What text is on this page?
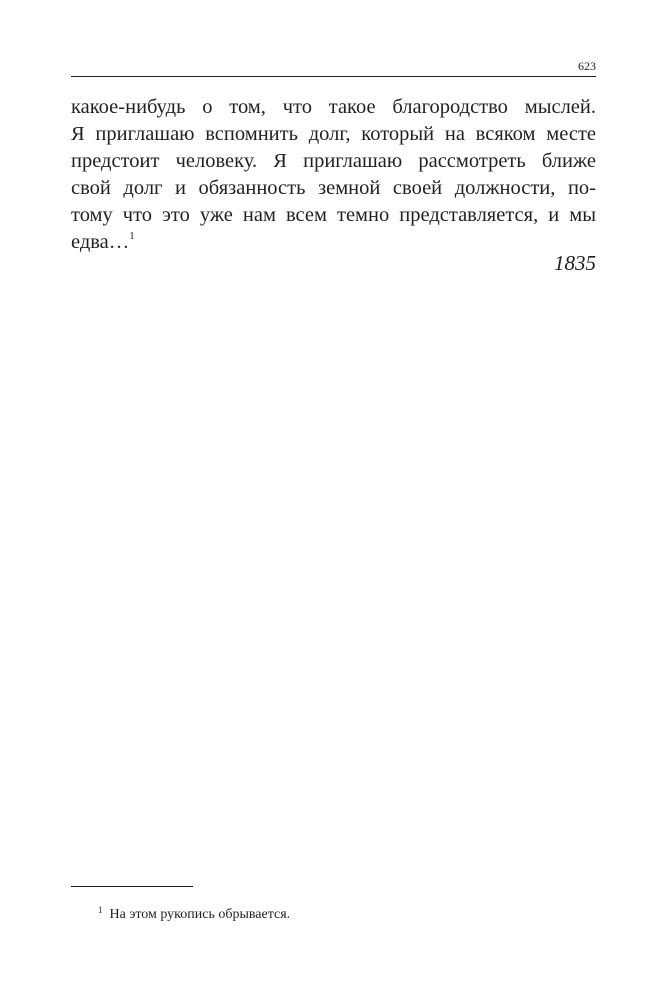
623
какое-нибудь о том, что такое благородство мыслей.
Я приглашаю вспомнить долг, который на всяком месте
предстоит человеку. Я приглашаю рассмотреть ближе
свой долг и обязанность земной своей должности, по-
тому что это уже нам всем темно представляется, и мы
едва…$^1$
1835
$^1$ На этом рукопись обрывается.
